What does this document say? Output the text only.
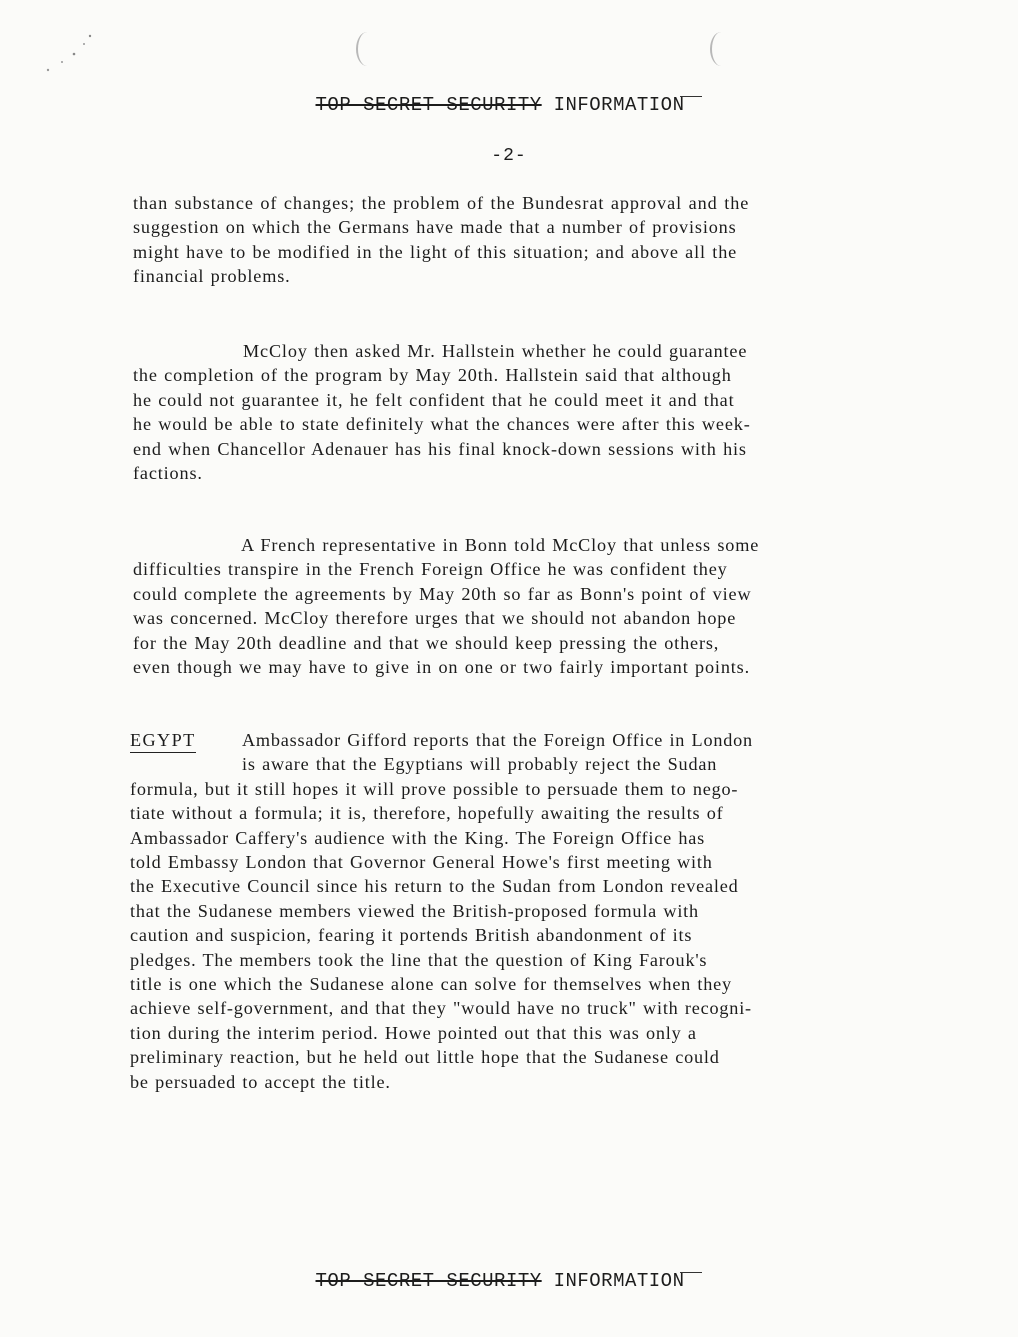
TOP SECRET SECURITY INFORMATION
-2-
than substance of changes; the problem of the Bundesrat approval and the
suggestion on which the Germans have made that a number of provisions
might have to be modified in the light of this situation; and above all the
financial problems.
McCloy then asked Mr. Hallstein whether he could guarantee
the completion of the program by May 20th. Hallstein said that although
he could not guarantee it, he felt confident that he could meet it and that
he would be able to state definitely what the chances were after this week-
end when Chancellor Adenauer has his final knock-down sessions with his
factions.
A French representative in Bonn told McCloy that unless some
difficulties transpire in the French Foreign Office he was confident they
could complete the agreements by May 20th so far as Bonn's point of view
was concerned. McCloy therefore urges that we should not abandon hope
for the May 20th deadline and that we should keep pressing the others,
even though we may have to give in on one or two fairly important points.
EGYPT	Ambassador Gifford reports that the Foreign Office in London
is aware that the Egyptians will probably reject the Sudan
formula, but it still hopes it will prove possible to persuade them to nego-
tiate without a formula; it is, therefore, hopefully awaiting the results of
Ambassador Caffery's audience with the King. The Foreign Office has
told Embassy London that Governor General Howe's first meeting with
the Executive Council since his return to the Sudan from London revealed
that the Sudanese members viewed the British-proposed formula with
caution and suspicion, fearing it portends British abandonment of its
pledges. The members took the line that the question of King Farouk's
title is one which the Sudanese alone can solve for themselves when they
achieve self-government, and that they "would have no truck" with recogni-
tion during the interim period. Howe pointed out that this was only a
preliminary reaction, but he held out little hope that the Sudanese could
be persuaded to accept the title.
TOP SECRET SECURITY INFORMATION
